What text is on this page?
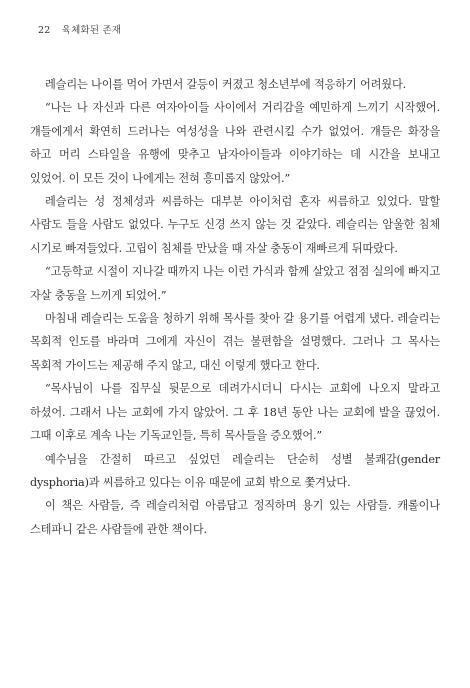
22 육체화된 존재

레슬리는 나이를 먹어 가면서 갈등이 커졌고 청소년부에 적응하기 어려웠다.

“나는 나 자신과 다른 여자아이들 사이에서 거리감을 예민하게 느끼기 시작했어. 걔들에게서 확연히 드러나는 여성성을 나와 관련시킬 수가 없었어. 걔들은 화장을 하고 머리 스타일을 유행에 맞추고 남자아이들과 이야기하는 데 시간을 보내고 있었어. 이 모든 것이 나에게는 전혀 흥미롭지 않았어.”

레슬리는 성 정체성과 씨름하는 대부분 아이처럼 혼자 씨름하고 있었다. 말할 사람도 들을 사람도 없었다. 누구도 신경 쓰지 않는 것 같았다. 레슬리는 암울한 침체 시기로 빠져들었다. 고립이 침체를 만났을 때 자살 충동이 재빠르게 뒤따랐다.

“고등학교 시절이 지나갈 때까지 나는 이런 가식과 함께 살았고 점점 실의에 빠지고 자살 충동을 느끼게 되었어.”

마침내 레슬리는 도움을 청하기 위해 목사를 찾아 갈 용기를 어렵게 냈다. 레슬리는 목회적 인도를 바라며 그에게 자신이 겪는 불편함을 설명했다. 그러나 그 목사는 목회적 가이드는 제공해 주지 않고, 대신 이렇게 했다고 한다.

“목사님이 나를 집무실 뒷문으로 데려가시더니 다시는 교회에 나오지 말라고 하셨어. 그래서 나는 교회에 가지 않았어. 그 후 18년 동안 나는 교회에 발을 끊었어. 그때 이후로 계속 나는 기독교인들, 특히 목사들을 증오했어.”

예수님을 간절히 따르고 싶었던 레슬리는 단순히 성별 불쾌감(gender dysphoria)과 씨름하고 있다는 이유 때문에 교회 밖으로 쫓겨났다.

이 책은 사람들, 즉 레슬리처럼 아름답고 정직하며 용기 있는 사람들. 캐롤이나 스테파니 같은 사람들에 관한 책이다.
